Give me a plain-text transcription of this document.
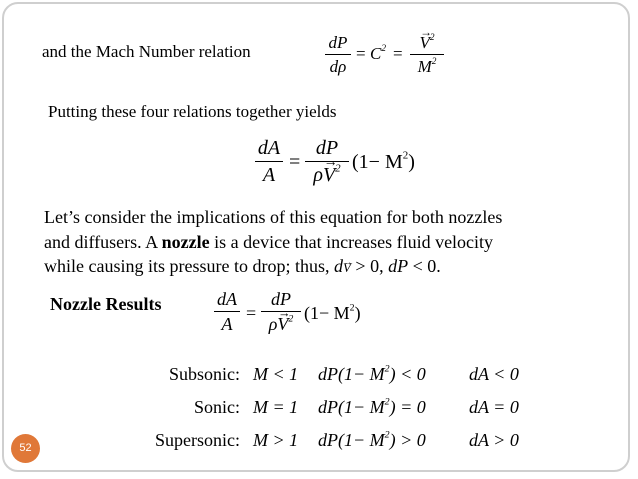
and the Mach Number relation	dP
dρ
= $C^2$ =
→ $V^2$
$M^2$
Putting these four relations together yields
dA
A
=
dP
$\rho\to V^2$ $(1- M^2)$
Let’s consider the implications of this equation for both nozzles
and diffusers. A nozzle is a device that increases fluid velocity
while causing its pressure to drop; thus, d→ V > 0, dP < 0.
Nozzle Results	dA
A
=
dP
$\rho\to V^2$ $(1- M^2)$
Subsonic: M < 1 $dP(1- M^2) < 0$ dA < 0
Sonic: M = 1 $dP(1- M^2) = 0$ dA = 0
Supersonic: M > 1 $dP(1- M^2) > 0$ dA > 0
52
